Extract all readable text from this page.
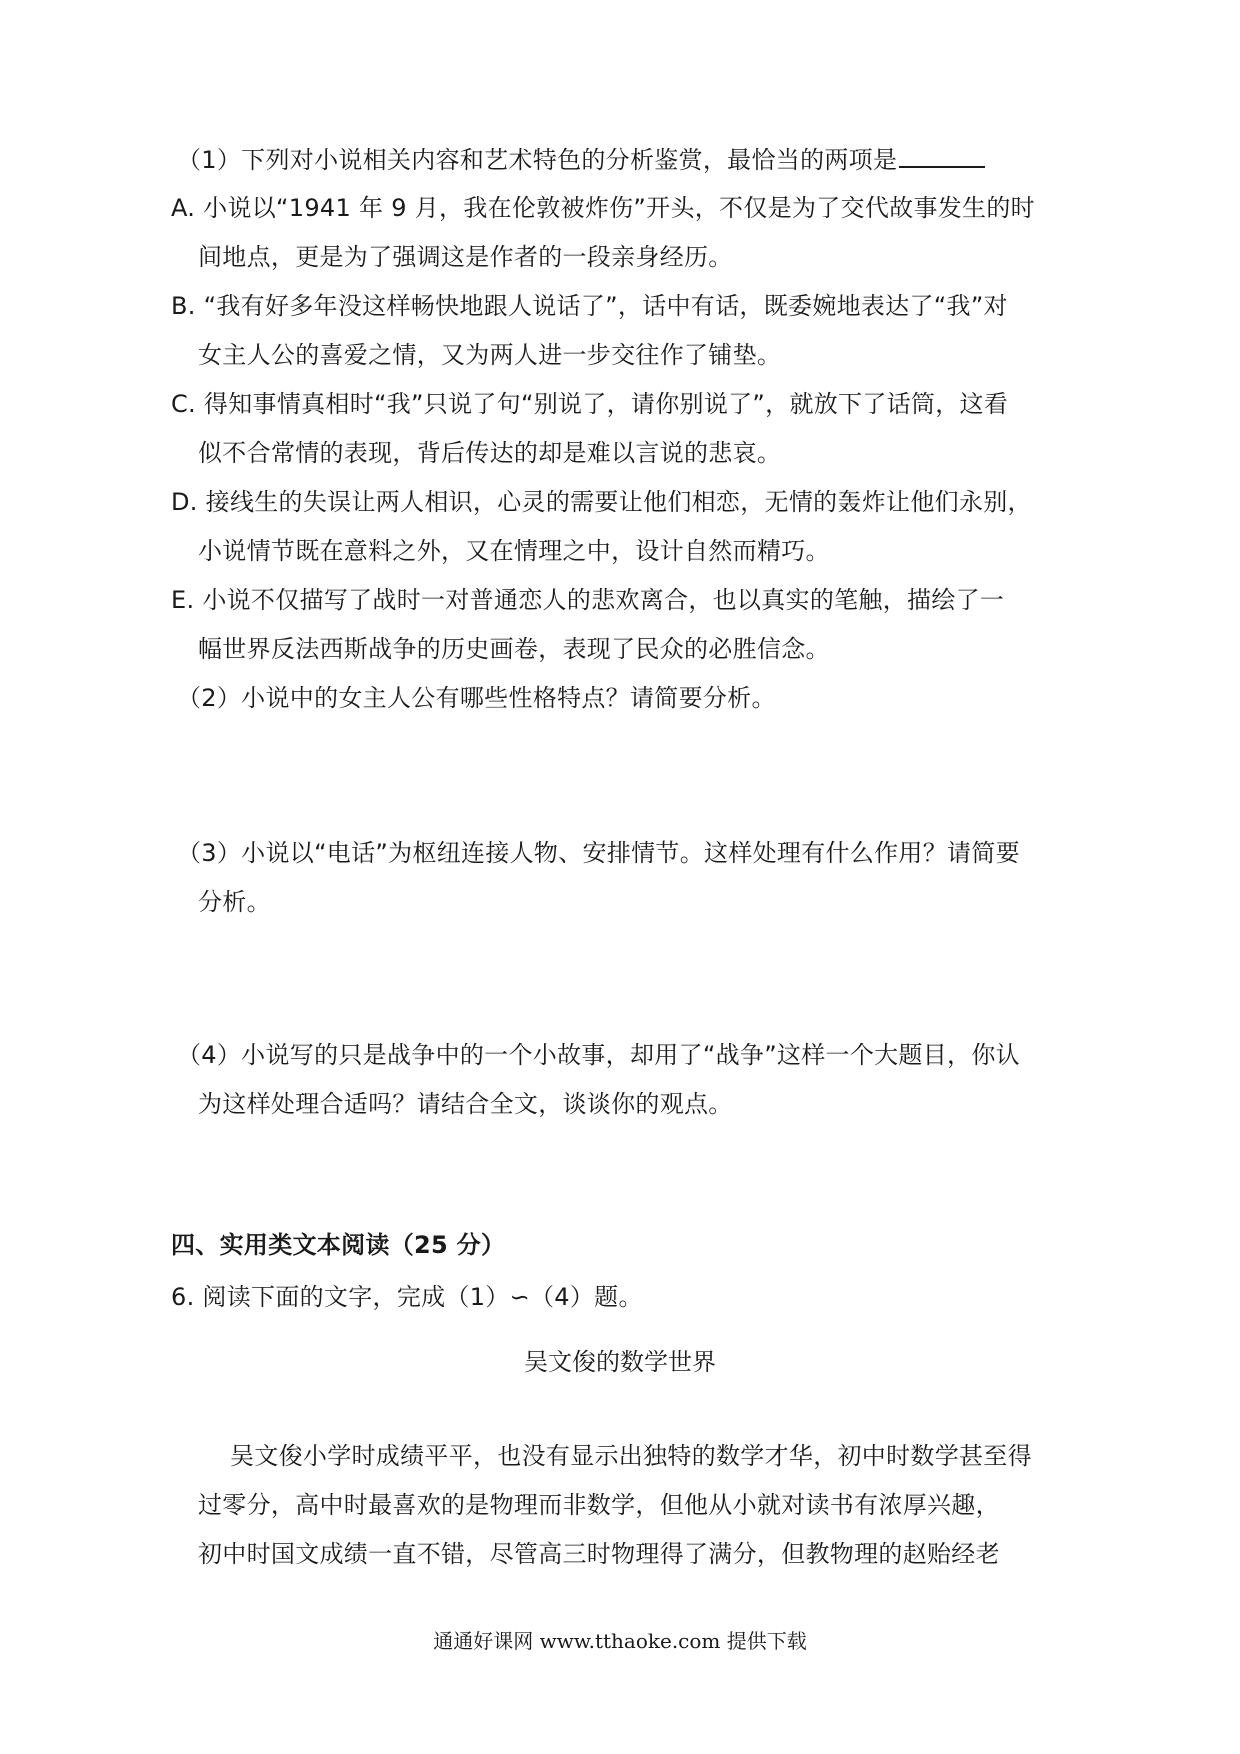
（1）下列对小说相关内容和艺术特色的分析鉴赏，最恰当的两项是
A. 小说以“1941 年 9 月，我在伦敦被炸伤”开头，不仅是为了交代故事发生的时
间地点，更是为了强调这是作者的一段亲身经历。
B. “我有好多年没这样畅快地跟人说话了”，话中有话，既委婉地表达了“我”对
女主人公的喜爱之情，又为两人进一步交往作了铺垫。
C. 得知事情真相时“我”只说了句“别说了，请你别说了”，就放下了话筒，这看
似不合常情的表现，背后传达的却是难以言说的悲哀。
D. 接线生的失误让两人相识，心灵的需要让他们相恋，无情的轰炸让他们永别，
小说情节既在意料之外，又在情理之中，设计自然而精巧。
E. 小说不仅描写了战时一对普通恋人的悲欢离合，也以真实的笔触，描绘了一
幅世界反法西斯战争的历史画卷，表现了民众的必胜信念。
（2）小说中的女主人公有哪些性格特点？请简要分析。
（3）小说以“电话”为枢纽连接人物、安排情节。这样处理有什么作用？请简要
分析。
（4）小说写的只是战争中的一个小故事，却用了“战争”这样一个大题目，你认
为这样处理合适吗？请结合全文，谈谈你的观点。
四、实用类文本阅读（25 分）
6. 阅读下面的文字，完成（1）∽（4）题。
吴文俊的数学世界
吴文俊小学时成绩平平，也没有显示出独特的数学才华，初中时数学甚至得
过零分，高中时最喜欢的是物理而非数学，但他从小就对读书有浓厚兴趣，
初中时国文成绩一直不错，尽管高三时物理得了满分，但教物理的赵贻经老
通通好课网 www.tthaoke.com 提供下载
